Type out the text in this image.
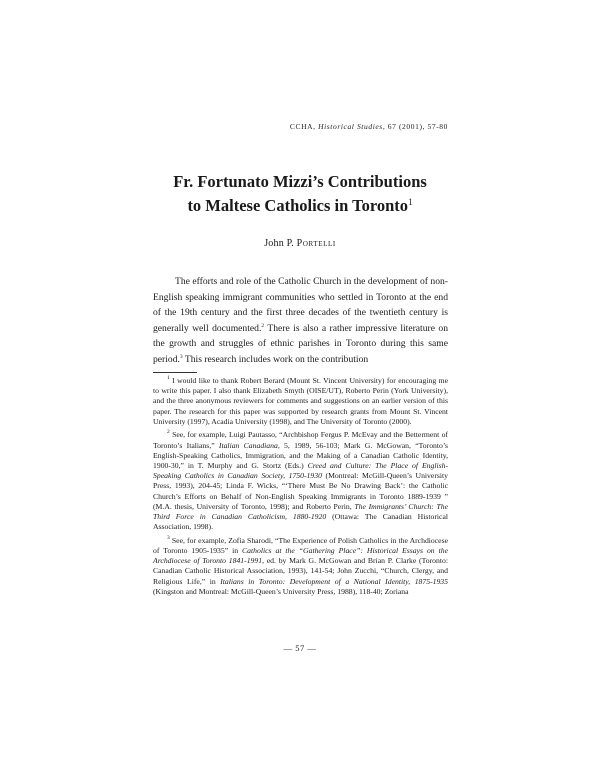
CCHA, Historical Studies, 67 (2001), 57-80
Fr. Fortunato Mizzi’s Contributions
to Maltese Catholics in Toronto$^1$
John P. Portelli

The efforts and role of the Catholic Church in the development of non-English speaking immigrant communities who settled in Toronto at the end of the 19th century and the first three decades of the twentieth century is generally well documented.$^2$ There is also a rather impressive literature on the growth and struggles of ethnic parishes in Toronto during this same period.$^3$ This research includes work on the contribution

$^1$ I would like to thank Robert Berard (Mount St. Vincent University) for encouraging me to write this paper. I also thank Elizabeth Smyth (OISE/UT), Roberto Perin (York University), and the three anonymous reviewers for comments and suggestions on an earlier version of this paper. The research for this paper was supported by research grants from Mount St. Vincent University (1997), Acadia University (1998), and The University of Toronto (2000).

$^2$ See, for example, Luigi Pautasso, “Archbishop Fergus P. McEvay and the Betterment of Toronto’s Italians,” Italian Canadiana, 5, 1989, 56-103; Mark G. McGowan, “Toronto’s English-Speaking Catholics, Immigration, and the Making of a Canadian Catholic Identity, 1900-30,” in T. Murphy and G. Stortz (Eds.) Creed and Culture: The Place of English-Speaking Catholics in Canadian Society, 1750-1930 (Montreal: McGill-Queen’s University Press, 1993), 204-45; Linda F. Wicks, “‘There Must Be No Drawing Back’: the Catholic Church’s Efforts on Behalf of Non-English Speaking Immigrants in Toronto 1889-1939 ” (M.A. thesis, University of Toronto, 1998); and Roberto Perin, The Immigrants’ Church: The Third Force in Canadian Catholicism, 1880-1920 (Ottawa: The Canadian Historical Association, 1998).

$^3$ See, for example, Zofia Sharodi, “The Experience of Polish Catholics in the Archdiocese of Toronto 1905-1935” in Catholics at the “Gathering Place”: Historical Essays on the Archdiocese of Toronto 1841-1991, ed. by Mark G. McGowan and Brian P. Clarke (Toronto: Canadian Catholic Historical Association, 1993), 141-54; John Zucchi, “Church, Clergy, and Religious Life,” in Italians in Toronto: Development of a National Identity, 1875-1935 (Kingston and Montreal: McGill-Queen’s University Press, 1988), 118-40; Zoriana

— 57 —
